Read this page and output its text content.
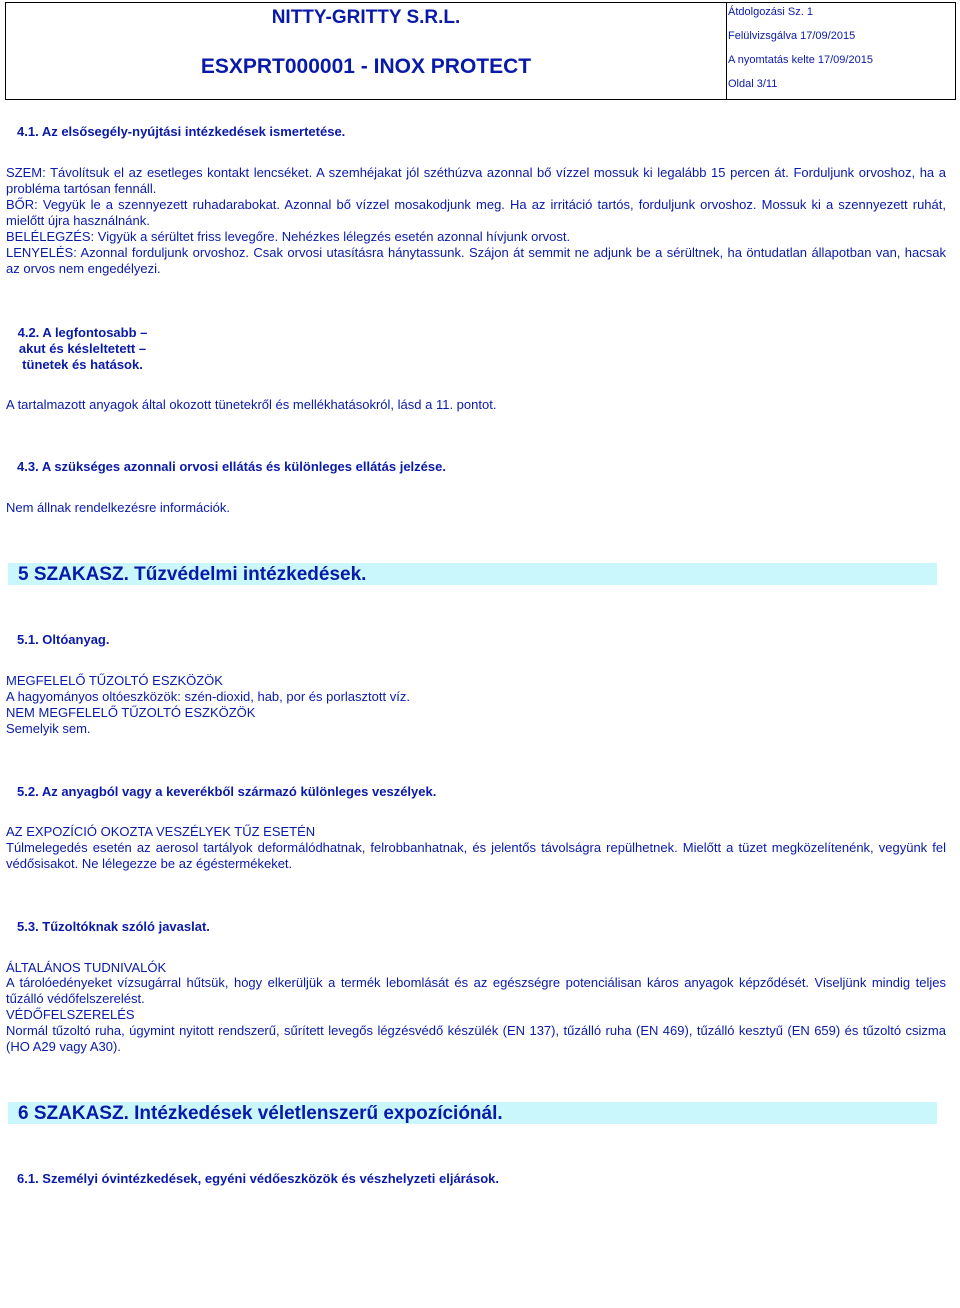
NITTY-GRITTY S.R.L.
ESXPRT000001 - INOX PROTECT
Átdolgozási Sz. 1
Felülvizsgálva 17/09/2015
A nyomtatás kelte 17/09/2015
Oldal 3/11
4.1. Az elsősegély-nyújtási intézkedések ismertetése.
SZEM: Távolítsuk el az esetleges kontakt lencséket. A szemhéjakat jól széthúzva azonnal bő vízzel mossuk ki legalább 15 percen át. Forduljunk orvoshoz, ha a probléma tartósan fennáll.
BŐR: Vegyük le a szennyezett ruhadarabokat. Azonnal bő vízzel mosakodjunk meg. Ha az irritáció tartós, forduljunk orvoshoz. Mossuk ki a szennyezett ruhát, mielőtt újra használnánk.
BELÉLEGZÉS: Vigyük a sérültet friss levegőre. Nehézkes lélegzés esetén azonnal hívjunk orvost.
LENYELÉS: Azonnal forduljunk orvoshoz. Csak orvosi utasításra hánytassunk. Szájon át semmit ne adjunk be a sérültnek, ha öntudatlan állapotban van, hacsak az orvos nem engedélyezi.
4.2. A legfontosabb –
akut és késleltetett –
tünetek és hatások.
A tartalmazott anyagok által okozott tünetekről és mellékhatásokról, lásd a 11. pontot.
4.3. A szükséges azonnali orvosi ellátás és különleges ellátás jelzése.
Nem állnak rendelkezésre információk.
5 SZAKASZ. Tűzvédelmi intézkedések.
5.1. Oltóanyag.
MEGFELELŐ TŰZOLTÓ ESZKÖZÖK
A hagyományos oltóeszközök: szén-dioxid, hab, por és porlasztott víz.
NEM MEGFELELŐ TŰZOLTÓ ESZKÖZÖK
Semelyik sem.
5.2. Az anyagból vagy a keverékből származó különleges veszélyek.
AZ EXPOZÍCIÓ OKOZTA VESZÉLYEK TŰZ ESETÉN
Túlmelegedés esetén az aerosol tartályok deformálódhatnak, felrobbanhatnak, és jelentős távolságra repülhetnek. Mielőtt a tüzet megközelítenénk, vegyünk fel védősisakot. Ne lélegezze be az égéstermékeket.
5.3. Tűzoltóknak szóló javaslat.
ÁLTALÁNOS TUDNIVALÓK
A tárolóedényeket vízsugárral hűtsük, hogy elkerüljük a termék lebomlását és az egészségre potenciálisan káros anyagok képződését. Viseljünk mindig teljes tűzálló védőfelszerelést.
VÉDŐFELSZERELÉS
Normál tűzoltó ruha, úgymint nyitott rendszerű, sűrített levegős légzésvédő készülék (EN 137), tűzálló ruha (EN 469), tűzálló kesztyű (EN 659) és tűzoltó csizma (HO A29 vagy A30).
6 SZAKASZ. Intézkedések véletlenszerű expozíciónál.
6.1. Személyi óvintézkedések, egyéni védőeszközök és vészhelyzeti eljárások.
